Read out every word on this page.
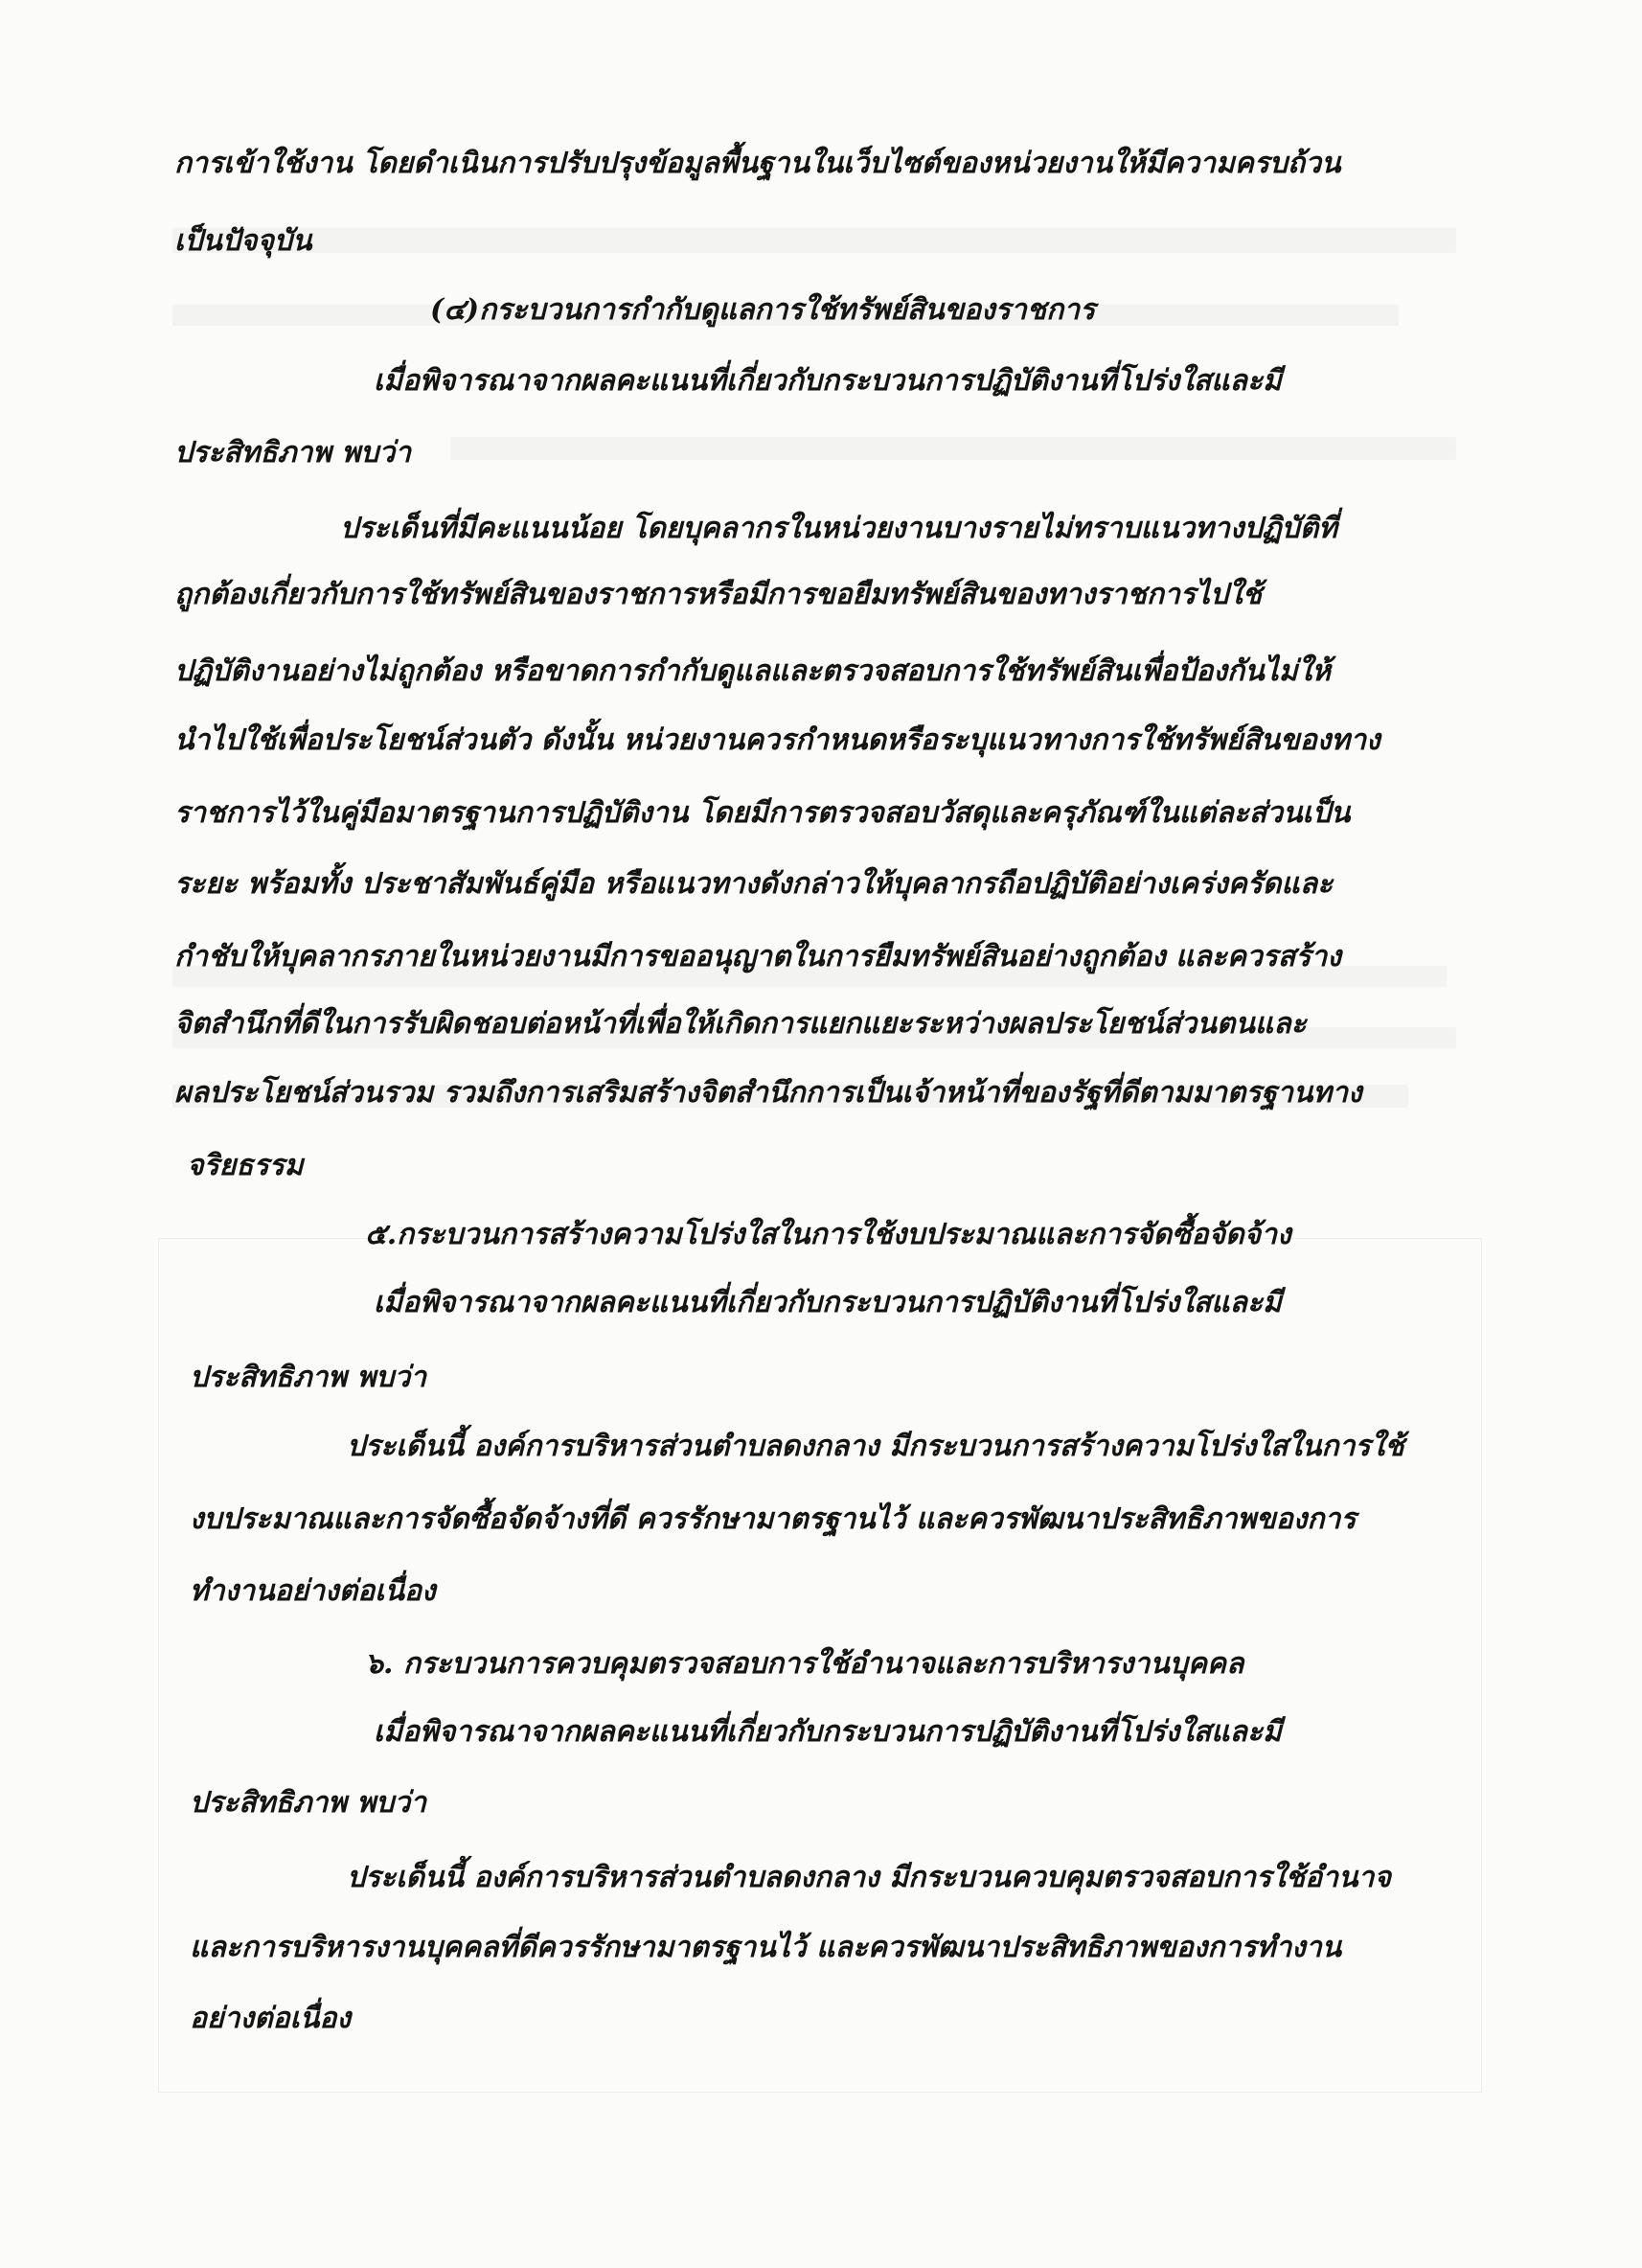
การเข้าใช้งาน โดยดำเนินการปรับปรุงข้อมูลพื้นฐานในเว็บไซต์ของหน่วยงานให้มีความครบถ้วน
เป็นปัจจุบัน
(๔)กระบวนการกำกับดูแลการใช้ทรัพย์สินของราชการ
เมื่อพิจารณาจากผลคะแนนที่เกี่ยวกับกระบวนการปฏิบัติงานที่โปร่งใสและมี
ประสิทธิภาพ พบว่า
ประเด็นที่มีคะแนนน้อย โดยบุคลากรในหน่วยงานบางรายไม่ทราบแนวทางปฏิบัติที่
ถูกต้องเกี่ยวกับการใช้ทรัพย์สินของราชการหรือมีการขอยืมทรัพย์สินของทางราชการไปใช้
ปฏิบัติงานอย่างไม่ถูกต้อง หรือขาดการกำกับดูแลและตรวจสอบการใช้ทรัพย์สินเพื่อป้องกันไม่ให้
นำไปใช้เพื่อประโยชน์ส่วนตัว ดังนั้น หน่วยงานควรกำหนดหรือระบุแนวทางการใช้ทรัพย์สินของทาง
ราชการไว้ในคู่มือมาตรฐานการปฏิบัติงาน โดยมีการตรวจสอบวัสดุและครุภัณฑ์ในแต่ละส่วนเป็น
ระยะ พร้อมทั้ง ประชาสัมพันธ์คู่มือ หรือแนวทางดังกล่าวให้บุคลากรถือปฏิบัติอย่างเคร่งครัดและ
กำชับให้บุคลากรภายในหน่วยงานมีการขออนุญาตในการยืมทรัพย์สินอย่างถูกต้อง และควรสร้าง
จิตสำนึกที่ดีในการรับผิดชอบต่อหน้าที่เพื่อให้เกิดการแยกแยะระหว่างผลประโยชน์ส่วนตนและ
ผลประโยชน์ส่วนรวม รวมถึงการเสริมสร้างจิตสำนึกการเป็นเจ้าหน้าที่ของรัฐที่ดีตามมาตรฐานทาง
จริยธรรม
๕.กระบวนการสร้างความโปร่งใสในการใช้งบประมาณและการจัดซื้อจัดจ้าง
เมื่อพิจารณาจากผลคะแนนที่เกี่ยวกับกระบวนการปฏิบัติงานที่โปร่งใสและมี
ประสิทธิภาพ พบว่า
ประเด็นนี้ องค์การบริหารส่วนตำบลดงกลาง มีกระบวนการสร้างความโปร่งใสในการใช้
งบประมาณและการจัดซื้อจัดจ้างที่ดี ควรรักษามาตรฐานไว้ และควรพัฒนาประสิทธิภาพของการ
ทำงานอย่างต่อเนื่อง
๖. กระบวนการควบคุมตรวจสอบการใช้อำนาจและการบริหารงานบุคคล
เมื่อพิจารณาจากผลคะแนนที่เกี่ยวกับกระบวนการปฏิบัติงานที่โปร่งใสและมี
ประสิทธิภาพ พบว่า
ประเด็นนี้ องค์การบริหารส่วนตำบลดงกลาง มีกระบวนควบคุมตรวจสอบการใช้อำนาจ
และการบริหารงานบุคคลที่ดีควรรักษามาตรฐานไว้ และควรพัฒนาประสิทธิภาพของการทำงาน
อย่างต่อเนื่อง
